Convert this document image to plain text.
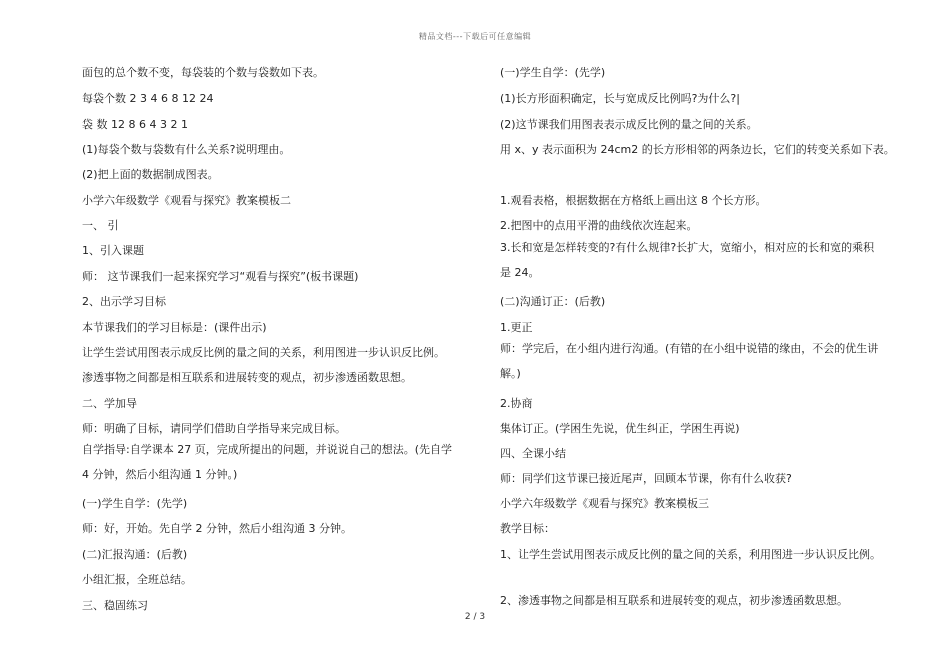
精品文档---下载后可任意编辑
面包的总个数不变，每袋装的个数与袋数如下表。
每袋个数 2 3 4 6 8 12 24
袋 数 12 8 6 4 3 2 1
(1)每袋个数与袋数有什么关系?说明理由。
(2)把上面的数据制成图表。
小学六年级数学《观看与探究》教案模板二
一、 引
1、引入课题
师： 这节课我们一起来探究学习“观看与探究”(板书课题)
2、出示学习目标
本节课我们的学习目标是：(课件出示)
让学生尝试用图表示成反比例的量之间的关系，利用图进一步认识反比例。
渗透事物之间都是相互联系和进展转变的观点，初步渗透函数思想。
二、学加导
师：明确了目标，请同学们借助自学指导来完成目标。
自学指导:自学课本 27 页，完成所提出的问题，并说说自己的想法。(先自学 4 分钟，然后小组沟通 1 分钟。)
(一)学生自学：(先学)
师：好，开始。先自学 2 分钟，然后小组沟通 3 分钟。
(二)汇报沟通：(后教)
小组汇报，全班总结。
三、稳固练习
(一)学生自学：(先学)
(1)长方形面积确定，长与宽成反比例吗?为什么?|
(2)这节课我们用图表表示成反比例的量之间的关系。
用 x、y 表示面积为 24cm2 的长方形相邻的两条边长，它们的转变关系如下表。
1.观看表格，根据数据在方格纸上画出这 8 个长方形。
2.把图中的点用平滑的曲线依次连起来。
3.长和宽是怎样转变的?有什么规律?长扩大，宽缩小，相对应的长和宽的乘积是 24。
(二)沟通订正：(后教)
1.更正
师：学完后，在小组内进行沟通。(有错的在小组中说错的缘由，不会的优生讲解。)
2.协商
集体订正。(学困生先说，优生纠正，学困生再说)
四、全课小结
师：同学们这节课已接近尾声，回顾本节课，你有什么收获?
小学六年级数学《观看与探究》教案模板三
教学目标：
1、让学生尝试用图表示成反比例的量之间的关系，利用图进一步认识反比例。
2、渗透事物之间都是相互联系和进展转变的观点，初步渗透函数思想。
2 / 3
